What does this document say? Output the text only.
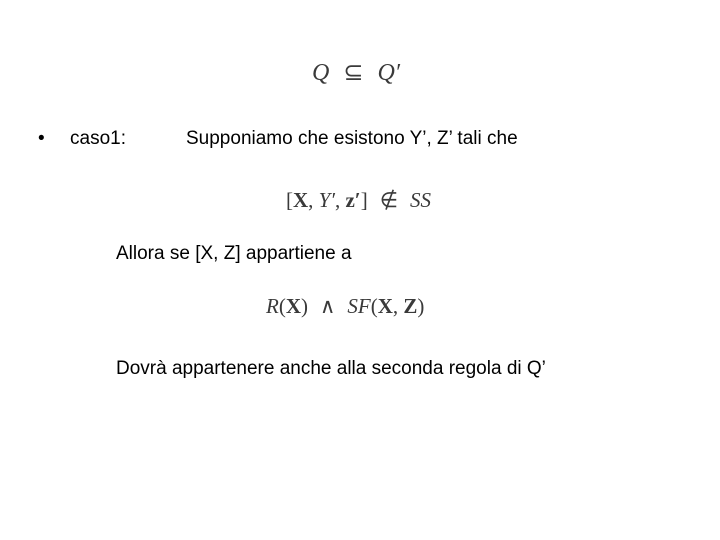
Q ⊆ Q′
• caso1:	Supponiamo che esistono Y’, Z’ tali che
[X, Y′, z′] ∉ SS
Allora se [X, Z] appartiene a
R(X) ∧ SF(X, Z)
Dovrà appartenere anche alla seconda regola di Q’
